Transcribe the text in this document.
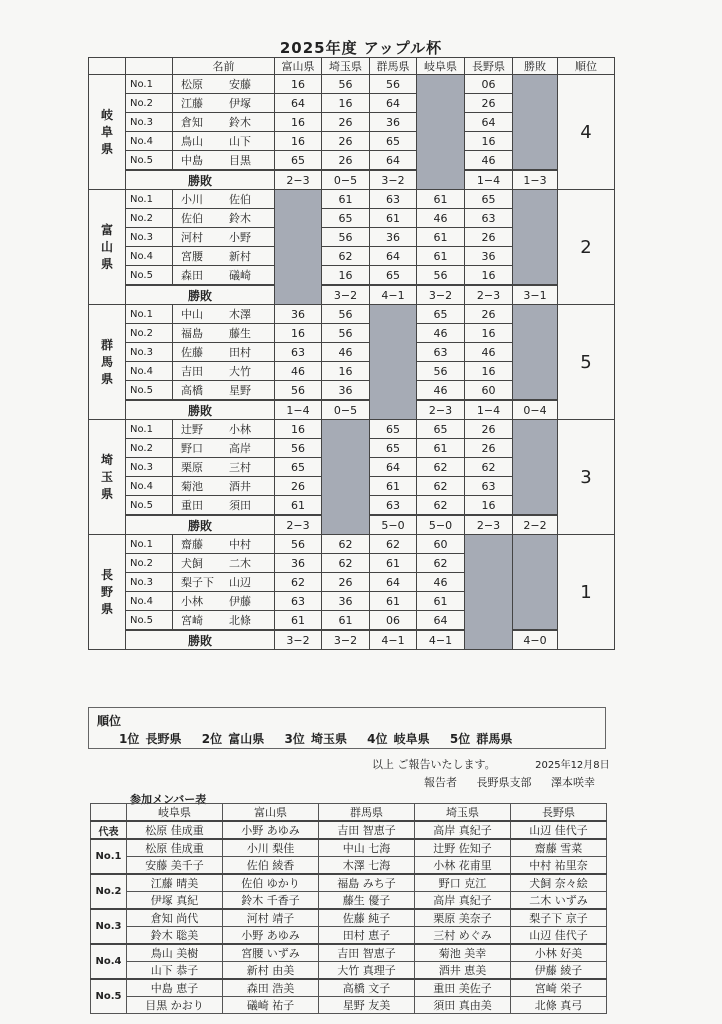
2025年度 アップル杯
		名前	富山県	埼玉県	群馬県	岐阜県	長野県	勝敗	順位
岐
阜
県	No.1	松原 安藤	16	56	56		06		4
	No.2	江藤 伊塚	64	16	64		26		
	No.3	倉知 鈴木	16	26	36		64		
	No.4	鳥山 山下	16	26	65		16		
	No.5	中島 目黒	65	26	64		46		
	勝敗		2−3	0−5	3−2		1−4	1−3	
富
山
県	No.1	小川 佐伯		61	63	61	65		2
	No.2	佐伯 鈴木		65	61	46	63		
	No.3	河村 小野		56	36	61	26		
	No.4	宮腰 新村		62	64	61	36		
	No.5	森田 礒崎		16	65	56	16		
	勝敗			3−2	4−1	3−2	2−3	3−1	
群
馬
県	No.1	中山 木澤	36	56		65	26		5
	No.2	福島 藤生	16	56		46	16		
	No.3	佐藤 田村	63	46		63	46		
	No.4	吉田 大竹	46	16		56	16		
	No.5	高橋 星野	56	36		46	60		
	勝敗		1−4	0−5		2−3	1−4	0−4	
埼
玉
県	No.1	辻野 小林	16		65	65	26		3
	No.2	野口 高岸	56		65	61	26		
	No.3	栗原 三村	65		64	62	62		
	No.4	菊池 酒井	26		61	62	63		
	No.5	重田 須田	61		63	62	16		
	勝敗		2−3		5−0	5−0	2−3	2−2	
長
野
県	No.1	齋藤 中村	56	62	62	60			1
	No.2	犬飼 二木	36	62	61	62			
	No.3	梨子下 山辺	62	26	64	46			
	No.4	小林 伊藤	63	36	61	61			
	No.5	宮崎 北條	61	61	06	64			
	勝敗		3−2	3−2	4−1	4−1		4−0	
順位
1位 長野県 2位 富山県 3位 埼玉県 4位 岐阜県 5位 群馬県
以上 ご報告いたします。	2025年12月8日
報告者 長野県支部 澤本咲幸
参加メンバー表
	岐阜県	富山県	群馬県	埼玉県	長野県
代表	松原 佳成重	小野 あゆみ	吉田 智恵子	高岸 真紀子	山辺 佳代子
No.1	松原 佳成重	小川 梨佳	中山 七海	辻野 佐知子	齋藤 雪菜
	安藤 美千子	佐伯 綾香	木澤 七海	小林 花甫里	中村 祐里奈
No.2	江藤 晴美	佐伯 ゆかり	福島 みち子	野口 克江	犬飼 奈々絵
	伊塚 真紀	鈴木 千香子	藤生 優子	高岸 真紀子	二木 いずみ
No.3	倉知 尚代	河村 靖子	佐藤 純子	栗原 美奈子	梨子下 京子
	鈴木 聡美	小野 あゆみ	田村 恵子	三村 めぐみ	山辺 佳代子
No.4	鳥山 美樹	宮腰 いずみ	吉田 智恵子	菊池 美幸	小林 好美
	山下 恭子	新村 由美	大竹 真理子	酒井 恵美	伊藤 綾子
No.5	中島 恵子	森田 浩美	高橋 文子	重田 美佐子	宮崎 栄子
	目黒 かおり	礒崎 祐子	星野 友美	須田 真由美	北條 真弓
